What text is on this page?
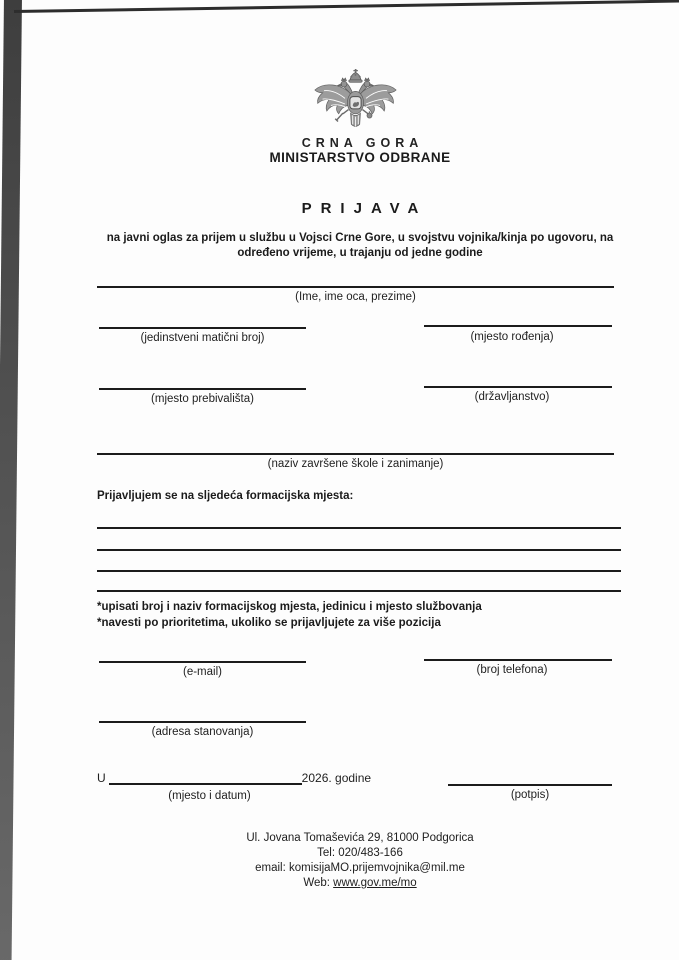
CRNA GORA
MINISTARSTVO ODBRANE
PRIJAVA
na javni oglas za prijem u službu u Vojsci Crne Gore, u svojstvu vojnika/kinja po ugovoru, na određeno vrijeme, u trajanju od jedne godine
(Ime, ime oca, prezime)
(jedinstveni matični broj)	(mjesto rođenja)
(mjesto prebivališta)	(državljanstvo)
(naziv završene škole i zanimanje)
Prijavljujem se na sljedeća formacijska mjesta:
*upisati broj i naziv formacijskog mjesta, jedinicu i mjesto službovanja
*navesti po prioritetima, ukoliko se prijavljujete za više pozicija
(e-mail)	(broj telefona)
(adresa stanovanja)
U	2026. godine
(mjesto i datum)	(potpis)
Ul. Jovana Tomaševića 29, 81000 Podgorica
Tel: 020/483-166
email: komisijaMO.prijemvojnika@mil.me
Web: www.gov.me/mo
